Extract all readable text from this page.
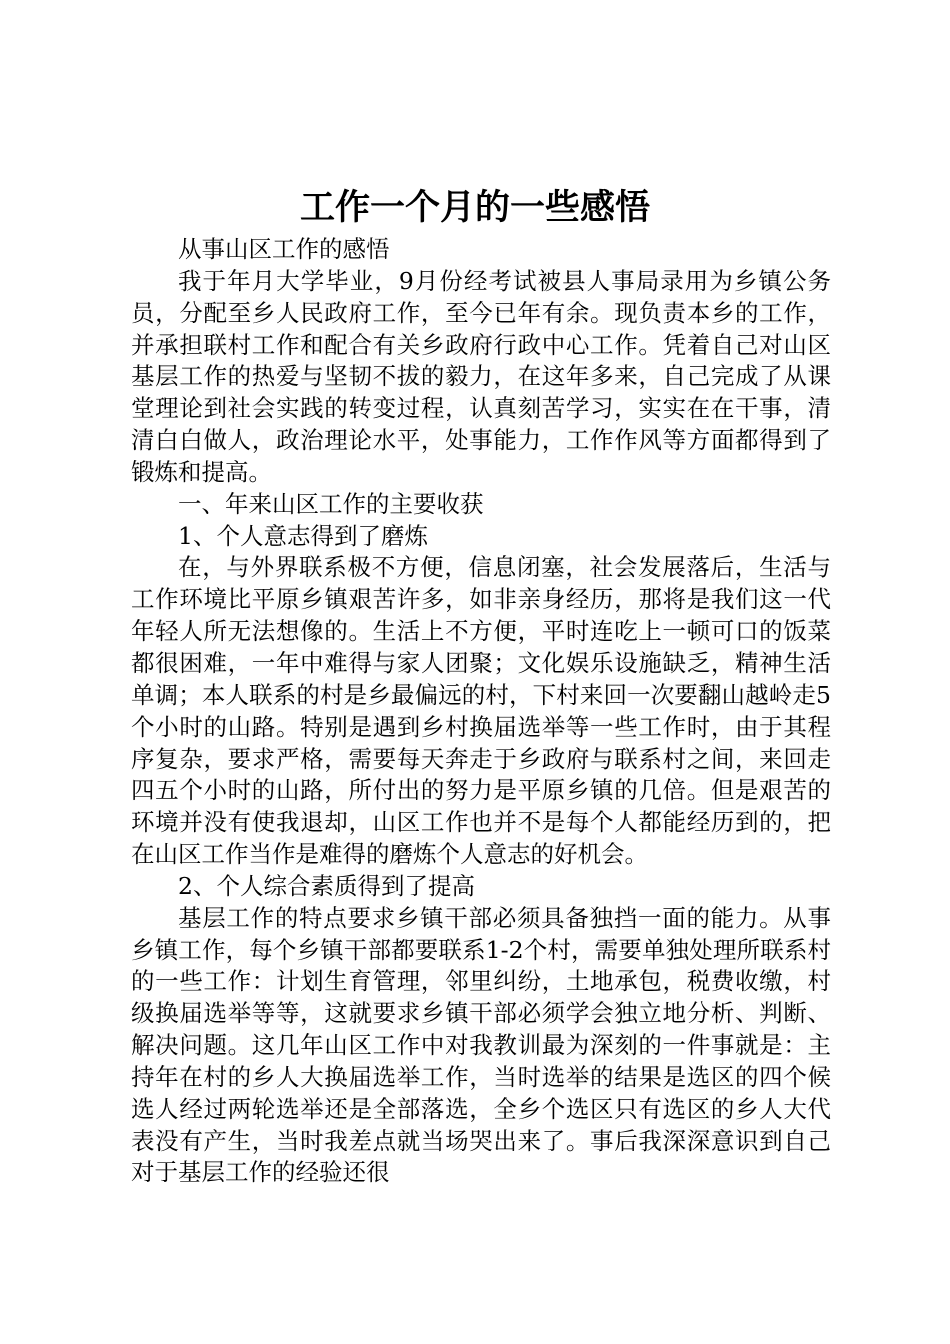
工作一个月的一些感悟

从事山区工作的感悟

我于年月大学毕业，9月份经考试被县人事局录用为乡镇公务员，分配至乡人民政府工作，至今已年有余。现负责本乡的工作，并承担联村工作和配合有关乡政府行政中心工作。凭着自己对山区基层工作的热爱与坚韧不拔的毅力，在这年多来，自己完成了从课堂理论到社会实践的转变过程，认真刻苦学习，实实在在干事，清清白白做人，政治理论水平，处事能力，工作作风等方面都得到了锻炼和提高。

一、年来山区工作的主要收获

1、个人意志得到了磨炼

在，与外界联系极不方便，信息闭塞，社会发展落后，生活与工作环境比平原乡镇艰苦许多，如非亲身经历，那将是我们这一代年轻人所无法想像的。生活上不方便，平时连吃上一顿可口的饭菜都很困难，一年中难得与家人团聚；文化娱乐设施缺乏，精神生活单调；本人联系的村是乡最偏远的村，下村来回一次要翻山越岭走5个小时的山路。特别是遇到乡村换届选举等一些工作时，由于其程序复杂，要求严格，需要每天奔走于乡政府与联系村之间，来回走四五个小时的山路，所付出的努力是平原乡镇的几倍。但是艰苦的环境并没有使我退却，山区工作也并不是每个人都能经历到的，把在山区工作当作是难得的磨炼个人意志的好机会。

2、个人综合素质得到了提高

基层工作的特点要求乡镇干部必须具备独挡一面的能力。从事乡镇工作，每个乡镇干部都要联系1-2个村，需要单独处理所联系村的一些工作：计划生育管理，邻里纠纷，土地承包，税费收缴，村级换届选举等等，这就要求乡镇干部必须学会独立地分析、判断、解决问题。这几年山区工作中对我教训最为深刻的一件事就是：主持年在村的乡人大换届选举工作，当时选举的结果是选区的四个候选人经过两轮选举还是全部落选，全乡个选区只有选区的乡人大代表没有产生，当时我差点就当场哭出来了。事后我深深意识到自己对于基层工作的经验还很
